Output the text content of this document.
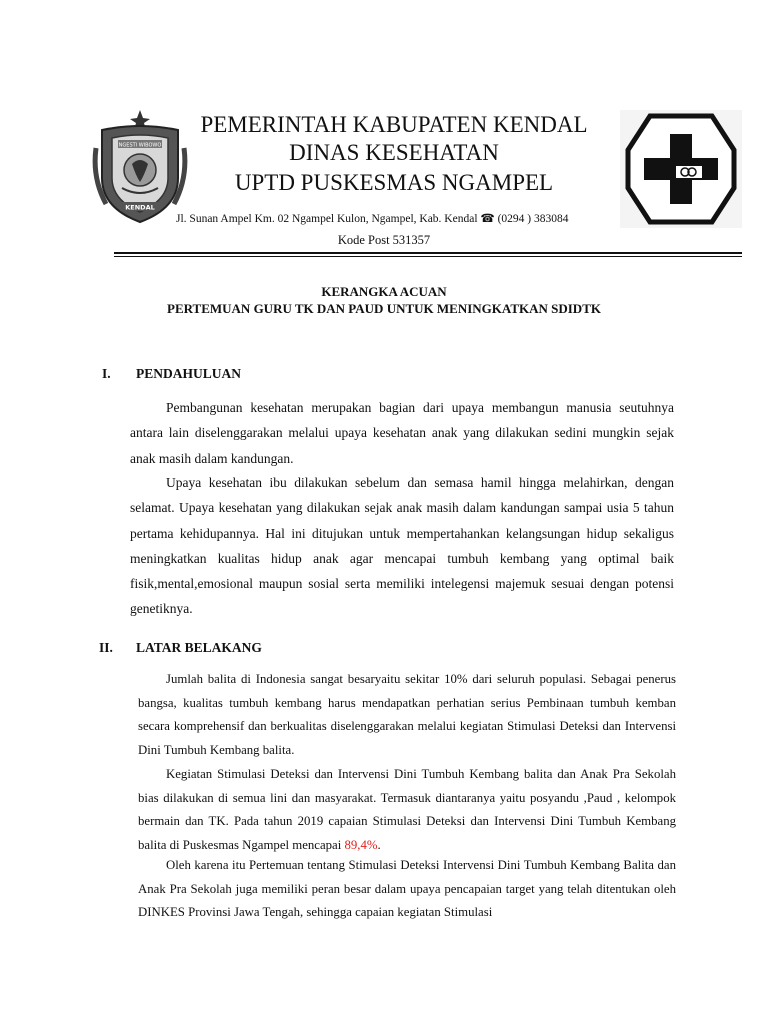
NGESTI WIBOWO
KENDAL
PEMERINTAH KABUPATEN KENDAL
DINAS KESEHATAN
UPTD PUSKESMAS NGAMPEL
Jl. Sunan Ampel Km. 02 Ngampel Kulon, Ngampel, Kab. Kendal ☎ (0294 ) 383084
Kode Post 531357
KERANGKA ACUAN
PERTEMUAN GURU TK DAN PAUD UNTUK MENINGKATKAN SDIDTK
I. PENDAHULUAN

Pembangunan kesehatan merupakan bagian dari upaya membangun manusia seutuhnya antara lain diselenggarakan melalui upaya kesehatan anak yang dilakukan sedini mungkin sejak anak masih dalam kandungan.

Upaya kesehatan ibu dilakukan sebelum dan semasa hamil hingga melahirkan, dengan selamat. Upaya kesehatan yang dilakukan sejak anak masih dalam kandungan sampai usia 5 tahun pertama kehidupannya. Hal ini ditujukan untuk mempertahankan kelangsungan hidup sekaligus meningkatkan kualitas hidup anak agar mencapai tumbuh kembang yang optimal baik fisik,mental,emosional maupun sosial serta memiliki intelegensi majemuk sesuai dengan potensi genetiknya.

II. LATAR BELAKANG

Jumlah balita di Indonesia sangat besaryaitu sekitar 10% dari seluruh populasi. Sebagai penerus bangsa, kualitas tumbuh kembang harus mendapatkan perhatian serius Pembinaan tumbuh kemban secara komprehensif dan berkualitas diselenggarakan melalui kegiatan Stimulasi Deteksi dan Intervensi Dini Tumbuh Kembang balita.

Kegiatan Stimulasi Deteksi dan Intervensi Dini Tumbuh Kembang balita dan Anak Pra Sekolah bias dilakukan di semua lini dan masyarakat. Termasuk diantaranya yaitu posyandu ,Paud , kelompok bermain dan TK. Pada tahun 2019 capaian Stimulasi Deteksi dan Intervensi Dini Tumbuh Kembang balita di Puskesmas Ngampel mencapai 89,4%.

Oleh karena itu Pertemuan tentang Stimulasi Deteksi Intervensi Dini Tumbuh Kembang Balita dan Anak Pra Sekolah juga memiliki peran besar dalam upaya pencapaian target yang telah ditentukan oleh DINKES Provinsi Jawa Tengah, sehingga capaian kegiatan Stimulasi
